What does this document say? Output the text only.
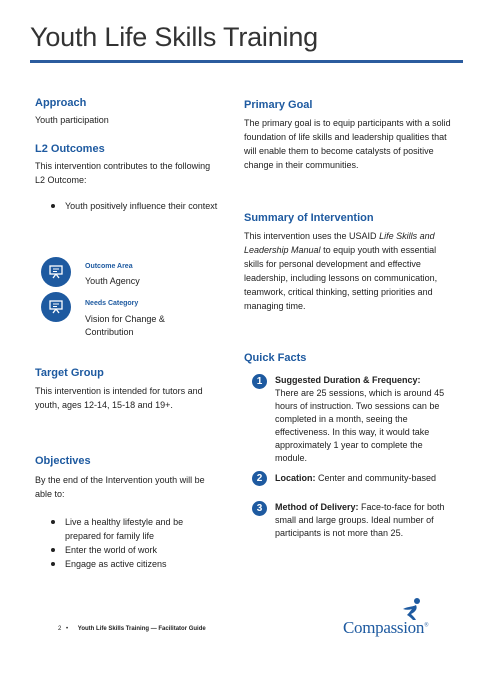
Youth Life Skills Training
Approach
Youth participation
L2 Outcomes
This intervention contributes to the following L2 Outcome:
Youth positively influence their context
Outcome Area
Youth Agency
Needs Category
Vision for Change & Contribution
Target Group
This intervention is intended for tutors and youth, ages 12-14, 15-18 and 19+.
Objectives
By the end of the Intervention youth will be able to:
Live a healthy lifestyle and be prepared for family life
Enter the world of work
Engage as active citizens
Primary Goal
The primary goal is to equip participants with a solid foundation of life skills and leadership qualities that will enable them to become catalysts of positive change in their communities.
Summary of Intervention
This intervention uses the USAID Life Skills and Leadership Manual to equip youth with essential skills for personal development and effective leadership, including lessons on communication, teamwork, critical thinking, setting priorities and managing time.
Quick Facts
1	Suggested Duration & Frequency: There are 25 sessions, which is around 45 hours of instruction. Two sessions can be completed in a month, seeing the effectiveness. In this way, it would take approximately 1 year to complete the module.
2	Location: Center and community-based
3	Method of Delivery: Face-to-face for both small and large groups. Ideal number of participants is not more than 25.
2 • Youth Life Skills Training — Facilitator Guide	Compassion®
